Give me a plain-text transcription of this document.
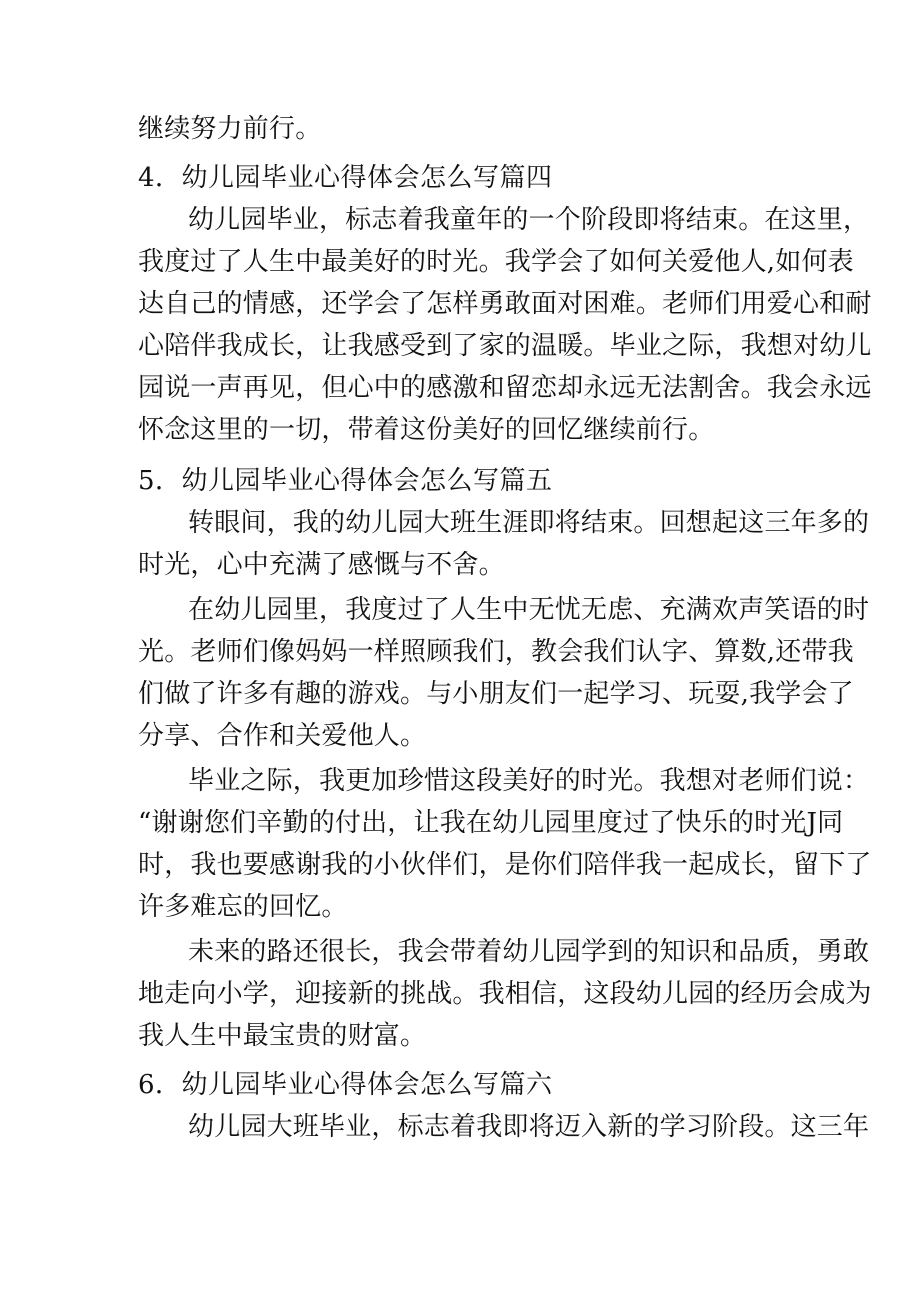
继续努力前行。
4．幼儿园毕业心得体会怎么写篇四
幼儿园毕业，标志着我童年的一个阶段即将结束。在这里，
我度过了人生中最美好的时光。我学会了如何关爱他人,如何表
达自己的情感，还学会了怎样勇敢面对困难。老师们用爱心和耐
心陪伴我成长，让我感受到了家的温暖。毕业之际，我想对幼儿
园说一声再见，但心中的感激和留恋却永远无法割舍。我会永远
怀念这里的一切，带着这份美好的回忆继续前行。
5．幼儿园毕业心得体会怎么写篇五
转眼间，我的幼儿园大班生涯即将结束。回想起这三年多的
时光，心中充满了感慨与不舍。
在幼儿园里，我度过了人生中无忧无虑、充满欢声笑语的时
光。老师们像妈妈一样照顾我们，教会我们认字、算数,还带我
们做了许多有趣的游戏。与小朋友们一起学习、玩耍,我学会了
分享、合作和关爱他人。
毕业之际，我更加珍惜这段美好的时光。我想对老师们说：
“谢谢您们辛勤的付出，让我在幼儿园里度过了快乐的时光J同
时，我也要感谢我的小伙伴们，是你们陪伴我一起成长，留下了
许多难忘的回忆。
未来的路还很长，我会带着幼儿园学到的知识和品质，勇敢
地走向小学，迎接新的挑战。我相信，这段幼儿园的经历会成为
我人生中最宝贵的财富。
6．幼儿园毕业心得体会怎么写篇六
幼儿园大班毕业，标志着我即将迈入新的学习阶段。这三年
